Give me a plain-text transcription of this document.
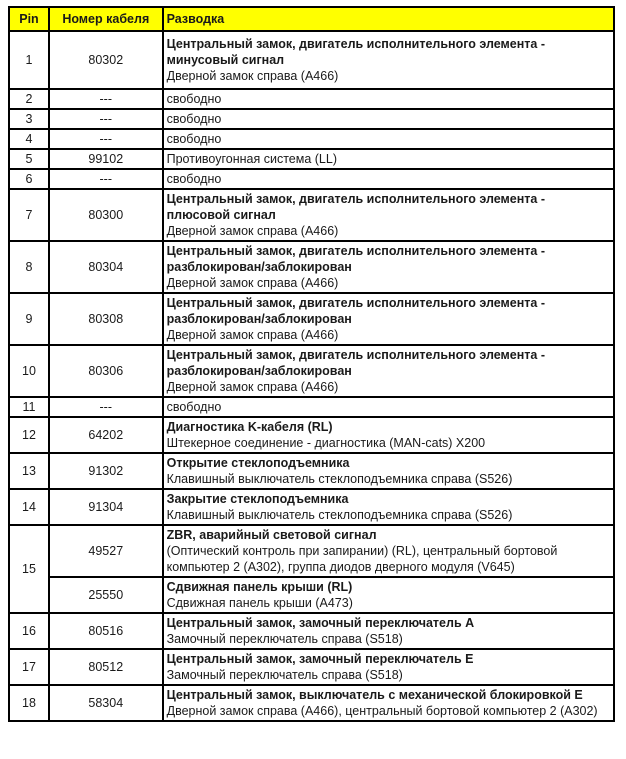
Pin	Номер кабеля	Разводка
1	80302	Центральный замок, двигатель исполнительного элемента - минусовый сигнал
Дверной замок справа (A466)

2	---	свободно

3	---	свободно

4	---	свободно

5	99102	Противоугонная система (LL)

6	---	свободно

7	80300	Центральный замок, двигатель исполнительного элемента - плюсовой сигнал
Дверной замок справа (A466)

8	80304	Центральный замок, двигатель исполнительного элемента - разблокирован/заблокирован
Дверной замок справа (A466)

9	80308	Центральный замок, двигатель исполнительного элемента - разблокирован/заблокирован
Дверной замок справа (A466)

10	80306	Центральный замок, двигатель исполнительного элемента - разблокирован/заблокирован
Дверной замок справа (A466)

11	---	свободно

12	64202	Диагностика K-кабеля (RL)
Штекерное соединение - диагностика (MAN-cats) X200

13	91302	Открытие стеклоподъемника
Клавишный выключатель стеклоподъемника справа (S526)

14	91304	Закрытие стеклоподъемника
Клавишный выключатель стеклоподъемника справа (S526)

15	49527	ZBR, аварийный световой сигнал
(Оптический контроль при запирании) (RL), центральный бортовой компьютер 2 (A302), группа диодов дверного модуля (V645)

	25550	Сдвижная панель крыши (RL)
Сдвижная панель крыши (A473)

16	80516	Центральный замок, замочный переключатель A
Замочный переключатель справа (S518)

17	80512	Центральный замок, замочный переключатель E
Замочный переключатель справа (S518)

18	58304	Центральный замок, выключатель с механической блокировкой E
Дверной замок справа (A466), центральный бортовой компьютер 2 (A302)
